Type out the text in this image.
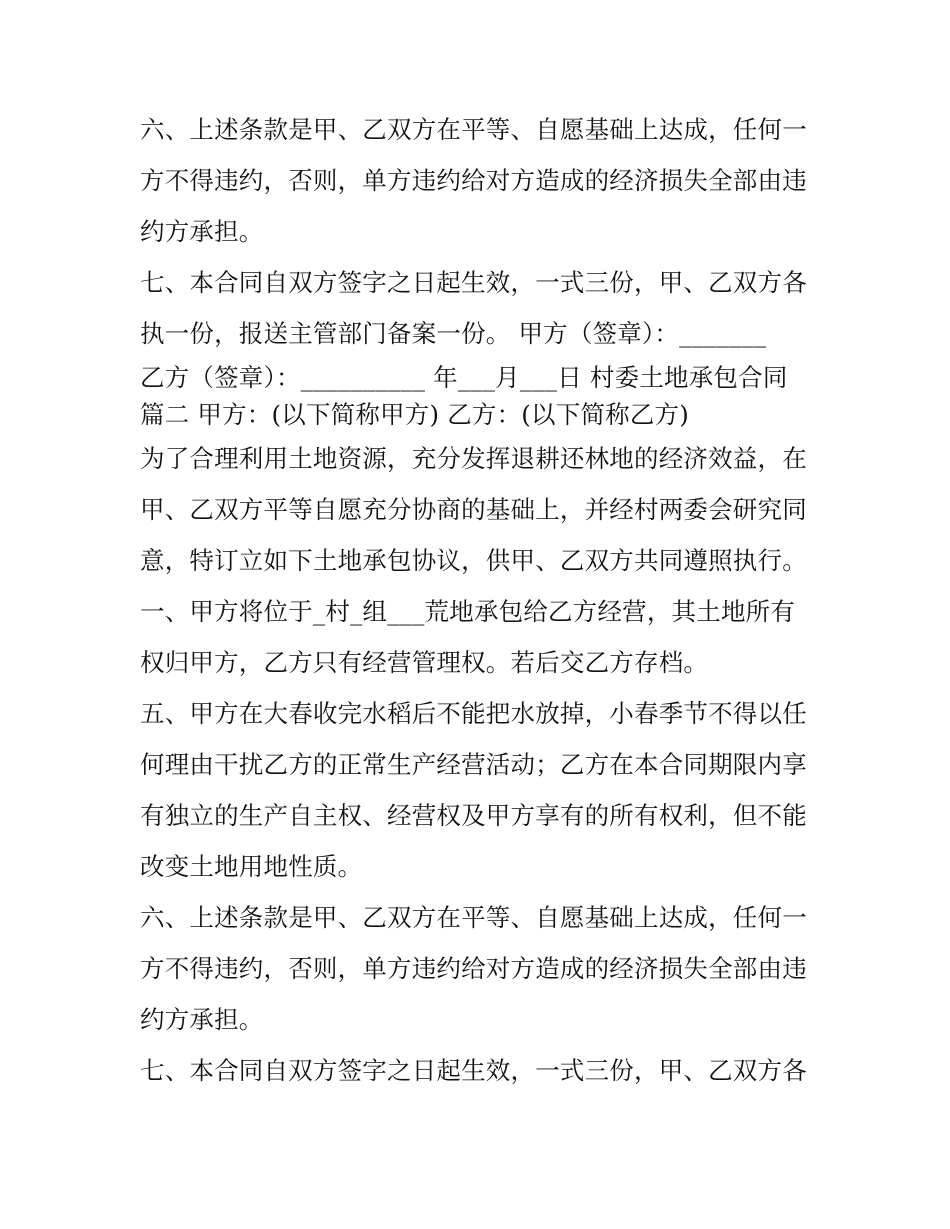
六、上述条款是甲、乙双方在平等、自愿基础上达成，任何一
方不得违约，否则，单方违约给对方造成的经济损失全部由违
约方承担。
七、本合同自双方签字之日起生效，一式三份，甲、乙双方各
执一份，报送主管部门备案一份。 甲方（签章）：_______
乙方（签章）：__________ 年___月___日 村委土地承包合同
篇二 甲方：(以下简称甲方) 乙方：(以下简称乙方)
为了合理利用土地资源，充分发挥退耕还林地的经济效益，在
甲、乙双方平等自愿充分协商的基础上，并经村两委会研究同
意，特订立如下土地承包协议，供甲、乙双方共同遵照执行。
一、甲方将位于_村_组___荒地承包给乙方经营，其土地所有
权归甲方，乙方只有经营管理权。若后交乙方存档。
五、甲方在大春收完水稻后不能把水放掉，小春季节不得以任
何理由干扰乙方的正常生产经营活动；乙方在本合同期限内享
有独立的生产自主权、经营权及甲方享有的所有权利，但不能
改变土地用地性质。
六、上述条款是甲、乙双方在平等、自愿基础上达成，任何一
方不得违约，否则，单方违约给对方造成的经济损失全部由违
约方承担。
七、本合同自双方签字之日起生效，一式三份，甲、乙双方各
